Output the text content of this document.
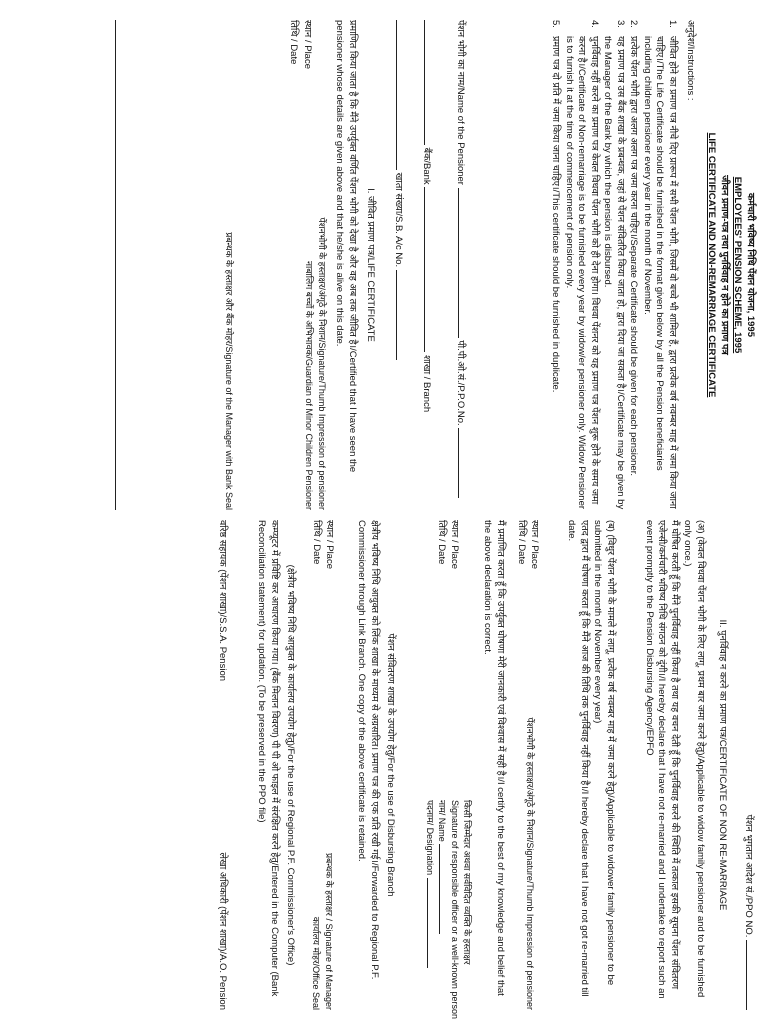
कर्मचारी भविष्य निधि पेंशन योजना, 1995
EMPLOYEES' PENSION SCHEME, 1995
जीवन प्रमाण-पत्र तथा पुनर्विवाह न होने का प्रमाण पत्र
LIFE CERTIFICATE AND NON-REMARRIAGE CERTIFICATE
अनुदेश/Instructions :
1.
जीवित होने का प्रमाण पत्र नीचे दिए प्रारूप में सभी पेंशन भोगी, जिसमें वो बच्चे भी शामिल हैं, द्वारा प्रत्येक वर्ष नवम्बर माह में जमा किया जाना चाहिए।/The Life Certificate should be furnished in the format given below by all the Pension beneficiaries including children pensioner every year in the month of November.
2.
प्रत्येक पेंशन भोगी द्वारा अलग अलग पत्र जमा करना चाहिए।/Separate Certificate should be given for each pensioner.
3.
यह प्रमाण पत्र उस बैंक शाखा के प्रबन्धक, जहां से पेंशन संवितरित किया जाता हो, द्वारा दिया जा सकता है।/Certificate may be given by the Manager of the Bank by which the pension is disbursed.
4.
पुनर्विवाह नहीं करने का प्रमाण पत्र केवल विधवा पेंशन भोगी को ही देना होगा। विधवा पेंशनर को यह प्रमाण पत्र पेंशन शुरू होने के समय जमा करना है।/Certificate of Non-remarriage is to be furnished every year by widow/er pensioner only. Widow Pensioner is to furnish it at the time of commencement of pension only.
5.
प्रमाण पत्र दो प्रति में जमा किया जाना चाहिए।/This certificate should be furnished in duplicate.
पेंशन भोगी का नाम/Name of the Pensioner  पी.पी.ओ.सं./P.P.O.No.
बैंक/Bank  शाखा / Branch
खाता संख्या/S.B. A/c No.
I. जीवित प्रमाण पत्र/LIFE CERTIFICATE
प्रमाणित किया जाता है कि मैंने उपर्युक्त वर्णित पेंशन भोगी को देखा है और वह अब तक जीवित है।/Certified that I have seen the pensioner whose details are given above and that he/she is alive on this date.
स्थान / Place
तिथि / Date
पेंशनभोगी के हस्ताक्षर/अंगूठे के निशान/Signature/Thumb Impression of pensioner
नाबालिग बच्चों के अभिभावक/Guardian of Minor Children Pensioner
प्रबन्धक के हस्ताक्षर और बैंक मोहर/Signature of the Manager with Bank Seal
पेंशन भुगतान आदेश सं./PPO NO.
II. पुनर्विवाह न करने का प्रमाण पत्र/CERTIFICATE OF NON RE-MARRIAGE
(अ) (केवल विधवा पेंशन भोगी के लिए लागू, प्रथम बार जमा करने हेतु)/Applicable to widow family pensioner and to be furnished only once.)
मैं घोषित करती हूँ कि मैंने पुनर्विवाह नहीं किया है तथा यह वचन देती हूँ कि पुनर्विवाह करने की स्थिति में तत्काल इसकी सूचना पेंशन संवितरण एजेन्सी/कर्मचारी भविष्य निधि संगठन को दूंगी।/I hereby declare that I have not re-married and I undertake to report such an event promptly to the Pension Disbursing Agency/EPFO
(ब) (विधुर पेंशन भोगी के मामले में लागू, प्रत्येक वर्ष नवम्बर माह में जमा करने हेतु)/Applicable to widower family pensioner to be submitted in the month of November every year)
एतद द्वारा मैं घोषणा करता हूँ कि मैंने आज की तिथि तक पुनर्विवाह नहीं किया है।/I hereby declare that I have not got re-married till date.
स्थान / Place
तिथि / Date
पेंशनभोगी के हस्ताक्षर/अंगूठे के निशान/Signature/Thumb Impression of pensioner
मैं प्रमाणित करता हूँ कि उपर्युक्त घोषणा मेरी जानकारी एवं विश्वास में सही है।/I certify to the best of my knowledge and belief that the above declaration is correct.
स्थान / Place
तिथि / Date
किसी जिम्मेदार अथवा सर्वविदित व्यक्ति के हस्ताक्षर
Signature of responsible officer or a well-known person
नाम/ Name
पदनाम/ Designation
पेंशन संवितरण शाखा के उपयोग हेतु/For the use of Disbursing Branch
क्षेत्रीय भविष्य निधि आयुक्त को लिंक शाखा के माध्यम से अग्रसारित। प्रमाण पत्र की एक प्रति रखी गई।/Forwarded to Regional P.F. Commissioner through Link Branch. One copy of the above certificate is retained.
स्थान / Place
तिथि / Date
प्रबन्धक के हस्ताक्षर / Signature of Manager
कार्यालय मोहर/Office Seal
(क्षेत्रीय भविष्य निधि आयुक्त के कार्यालय उपयोग हेतु)/For the use of Regional P.F. Commissioner's Office)
कम्प्यूटर में प्रविष्टि कर आधारण किया गया। (बैंक मिलान विवरण) पी पी ओ फाइल में संरक्षित करने हेतु/Entered in the Computer (Bank Reconciliation statement) for updation. (To be preserved in the PPO file)
वरिष्ठ सहायक (पेंशन शाखा)/S.S.A. Pension
लेखा अधिकारी (पेंशन शाखा)/A.O. Pension
